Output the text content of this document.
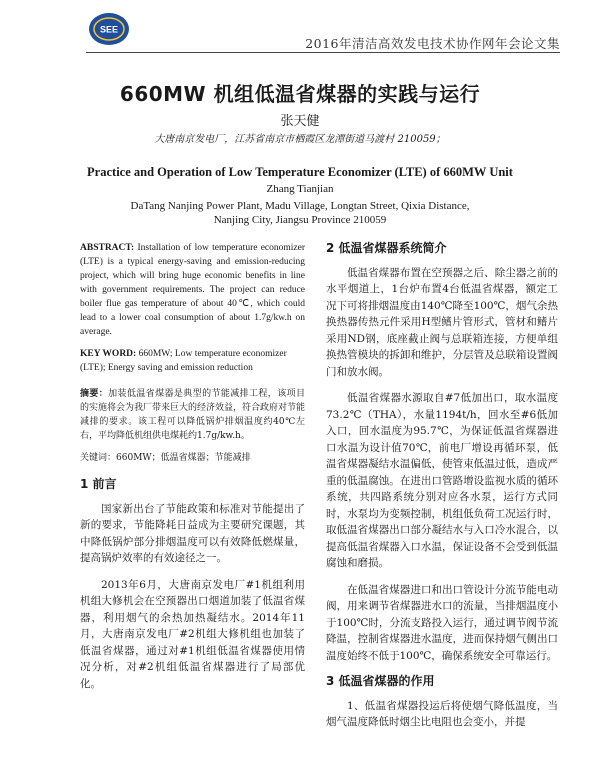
SEE
2016年清洁高效发电技术协作网年会论文集
660MW 机组低温省煤器的实践与运行
张天健
大唐南京发电厂，江苏省南京市栖霞区龙潭街道马渡村 210059；
Practice and Operation of Low Temperature Economizer (LTE) of 660MW Unit
Zhang Tianjian
DaTang Nanjing Power Plant, Madu Village, Longtan Street, Qixia Distance, Nanjing City, Jiangsu Province 210059
ABSTRACT: Installation of low temperature economizer (LTE) is a typical energy-saving and emission-reducing project, which will bring huge economic benefits in line with government requirements. The project can reduce boiler flue gas temperature of about 40℃, which could lead to a lower coal consumption of about 1.7g/kw.h on average.
KEY WORD: 660MW; Low temperature economizer (LTE); Energy saving and emission reduction
摘要：加装低温省煤器是典型的节能减排工程，该项目的实施将会为我厂带来巨大的经济效益，符合政府对节能减排的要求。该工程可以降低锅炉排烟温度约40℃左右，平均降低机组供电煤耗约1.7g/kw.h。
关键词：660MW；低温省煤器；节能减排
1 前言

国家新出台了节能政策和标准对节能提出了新的要求，节能降耗日益成为主要研究课题，其中降低锅炉部分排烟温度可以有效降低燃煤量，提高锅炉效率的有效途径之一。

2013年6月，大唐南京发电厂#1机组利用机组大修机会在空预器出口烟道加装了低温省煤器，利用烟气的余热加热凝结水。2014年11月，大唐南京发电厂#2机组大修机组也加装了低温省煤器，通过对#1机组低温省煤器使用情况分析，对#2机组低温省煤器进行了局部优化。

2 低温省煤器系统简介

低温省煤器布置在空预器之后、除尘器之前的水平烟道上，1台炉布置4台低温省煤器，额定工况下可将排烟温度由140℃降至100℃，烟气余热换热器传热元件采用H型鳍片管形式，管材和鳍片采用ND钢，底座截止阀与总联箱连接，方便单组换热管模块的拆卸和维护，分层管及总联箱设置阀门和放水阀。

低温省煤器水源取自#7低加出口，取水温度73.2℃（THA），水量1194t/h，回水至#6低加入口，回水温度为95.7℃，为保证低温省煤器进口水温为设计值70℃，前电厂增设再循环泵，低温省煤器凝结水温偏低，使管束低温过低，造成严重的低温腐蚀。在进出口管路增设监视水质的循环系统，共四路系统分别对应各水泵，运行方式同时，水泵均为变频控制，机组低负荷工况运行时，取低温省煤器出口部分凝结水与入口冷水混合，以提高低温省煤器入口水温，保证设备不会受到低温腐蚀和磨损。

在低温省煤器进口和出口管设计分流节能电动阀，用来调节省煤器进水口的流量，当排烟温度小于100℃时，分流支路投入运行，通过调节阀节流降温，控制省煤器进水温度，进而保持烟气侧出口温度始终不低于100℃，确保系统安全可靠运行。

3 低温省煤器的作用

1、低温省煤器投运后将使烟气降低温度，当烟气温度降低时烟尘比电阻也会变小，并提
